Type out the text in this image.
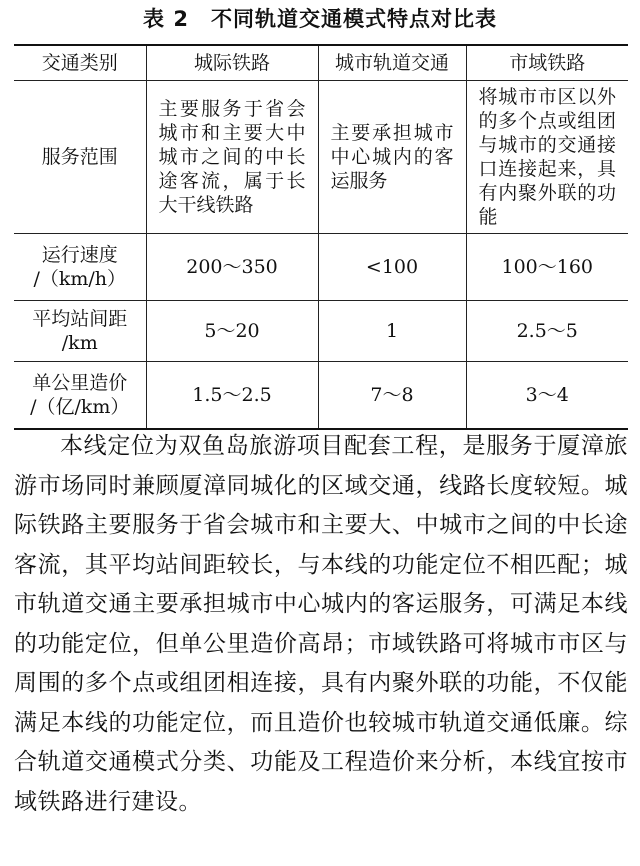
表 2 不同轨道交通模式特点对比表
交通类别	城际铁路	城市轨道交通	市域铁路
服务范围	主要服务于省会城市和主要大中城市之间的中长途客流，属于长大干线铁路	主要承担城市中心城内的客运服务	将城市市区以外的多个点或组团与城市的交通接口连接起来，具有内聚外联的功能

运行速度
/（km/h）	200～350	<100	100～160

平均站间距
/km	5～20	1	2.5～5

单公里造价
/（亿/km）	1.5～2.5	7～8	3～4

本线定位为双鱼岛旅游项目配套工程，是服务于厦漳旅游市场同时兼顾厦漳同城化的区域交通，线路长度较短。城际铁路主要服务于省会城市和主要大、中城市之间的中长途客流，其平均站间距较长，与本线的功能定位不相匹配；城市轨道交通主要承担城市中心城内的客运服务，可满足本线的功能定位，但单公里造价高昂；市域铁路可将城市市区与周围的多个点或组团相连接，具有内聚外联的功能，不仅能满足本线的功能定位，而且造价也较城市轨道交通低廉。综合轨道交通模式分类、功能及工程造价来分析，本线宜按市域铁路进行建设。
